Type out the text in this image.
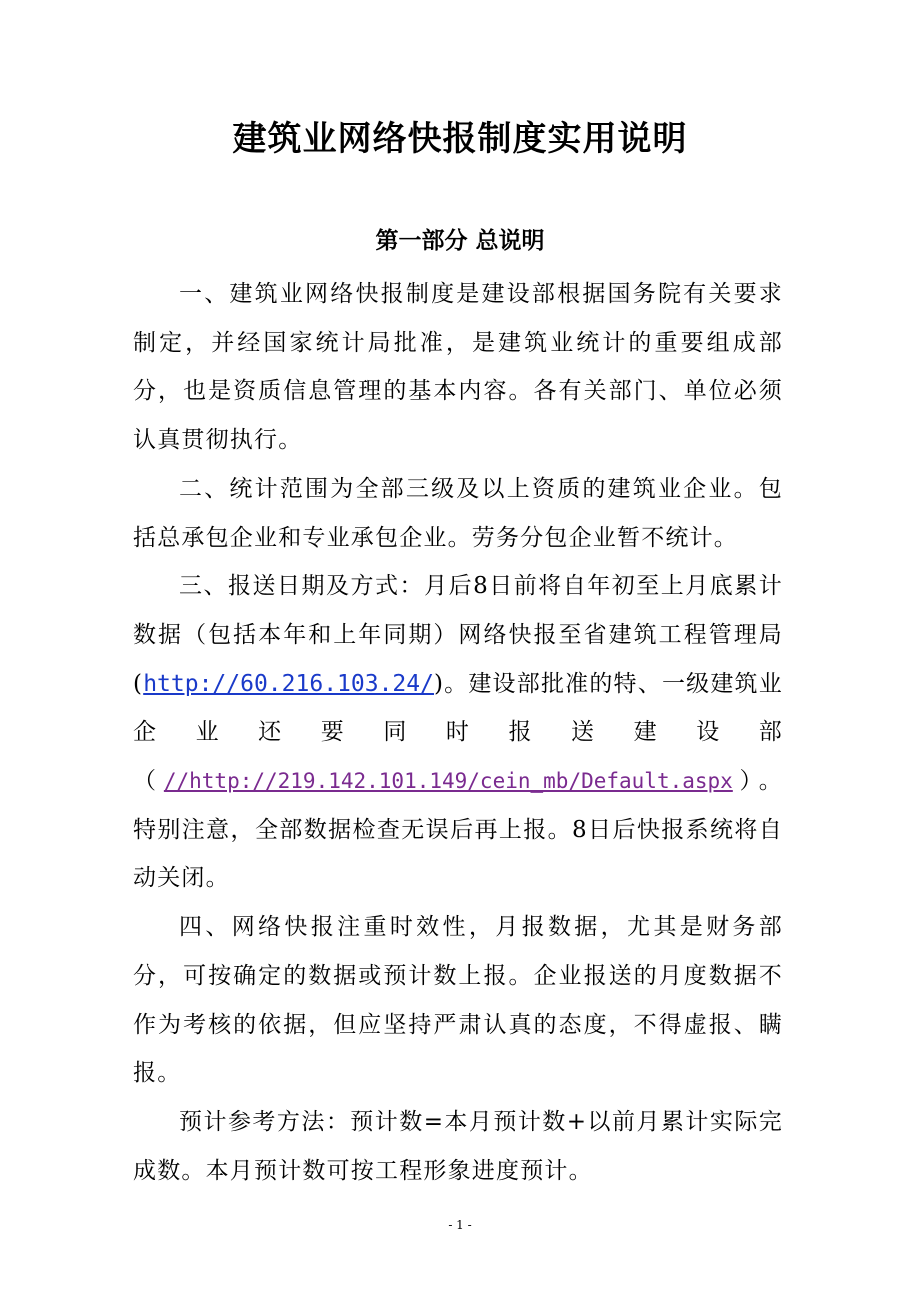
建筑业网络快报制度实用说明
第一部分 总说明

一、建筑业网络快报制度是建设部根据国务院有关要求制定，并经国家统计局批准，是建筑业统计的重要组成部分，也是资质信息管理的基本内容。各有关部门、单位必须认真贯彻执行。

二、统计范围为全部三级及以上资质的建筑业企业。包括总承包企业和专业承包企业。劳务分包企业暂不统计。

三、报送日期及方式：月后8日前将自年初至上月底累计数据（包括本年和上年同期）网络快报至省建筑工程管理局(http://60.216.103.24/)。建设部批准的特、一级建筑业

企 业 还 要 同 时 报 送 建 设 部

（//http://219.142.101.149/cein_mb/Default.aspx）。特别注意，全部数据检查无误后再上报。8日后快报系统将自动关闭。

四、网络快报注重时效性，月报数据，尤其是财务部分，可按确定的数据或预计数上报。企业报送的月度数据不作为考核的依据，但应坚持严肃认真的态度，不得虚报、瞒报。

预计参考方法：预计数=本月预计数+以前月累计实际完成数。本月预计数可按工程形象进度预计。

- 1 -
